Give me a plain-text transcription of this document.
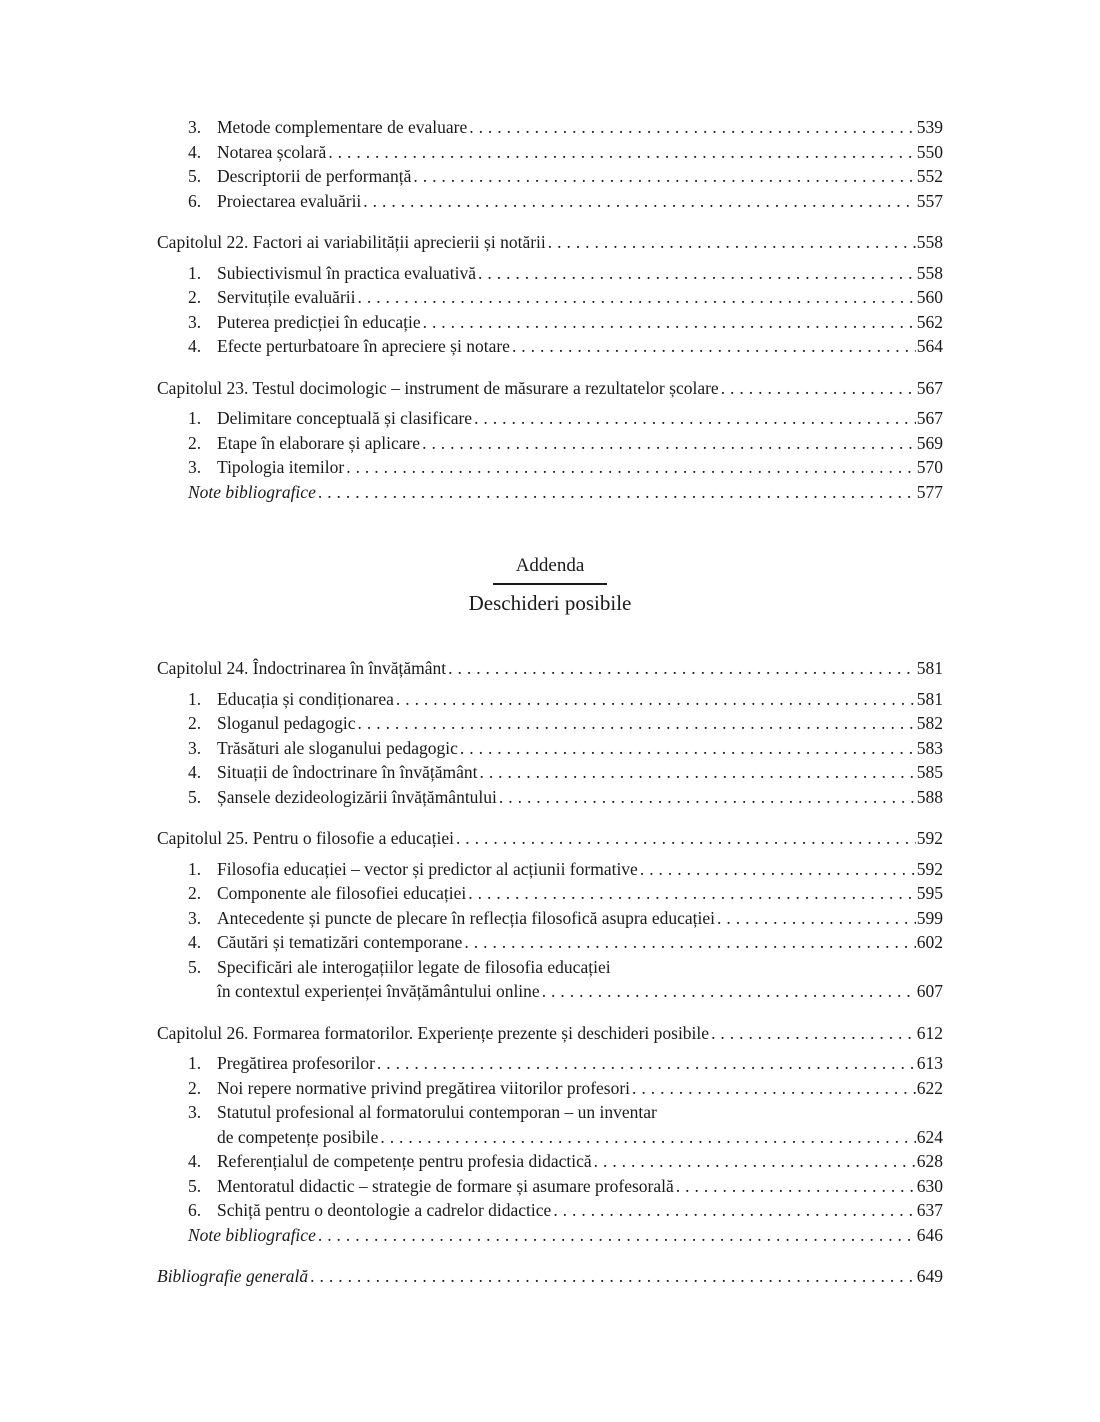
3. Metode complementare de evaluare . . .	539
4. Notarea școlară . . .	550
5. Descriptorii de performanță . . .	552
6. Proiectarea evaluării . . .	557
Capitolul 22. Factori ai variabilității aprecierii și notării . . .	558
1. Subiectivismul în practica evaluativă . . .	558
2. Servituțile evaluării . . .	560
3. Puterea predicției în educație . . .	562
4. Efecte perturbatoare în apreciere și notare . . .	564
Capitolul 23. Testul docimologic – instrument de măsurare a rezultatelor școlare . . .	567
1. Delimitare conceptuală și clasificare . . .	567
2. Etape în elaborare și aplicare . . .	569
3. Tipologia itemilor . . .	570
Note bibliografice . . .	577
Addenda
Deschideri posibile
Capitolul 24. Îndoctrinarea în învățământ . . .	581
1. Educația și condiționarea . . .	581
2. Sloganul pedagogic . . .	582
3. Trăsături ale sloganului pedagogic . . .	583
4. Situații de îndoctrinare în învățământ . . .	585
5. Șansele dezideologizării învățământului . . .	588
Capitolul 25. Pentru o filosofie a educației . . .	592
1. Filosofia educației – vector și predictor al acțiunii formative . . .	592
2. Componente ale filosofiei educației . . .	595
3. Antecedente și puncte de plecare în reflecția filosofică asupra educației . . .	599
4. Căutări și tematizări contemporane . . .	602
5. Specificări ale interogațiilor legate de filosofia educației
în contextul experienței învățământului online . . .	607
Capitolul 26. Formarea formatorilor. Experiențe prezente și deschideri posibile . . .	612
1. Pregătirea profesorilor . . .	613
2. Noi repere normative privind pregătirea viitorilor profesori . . .	622
3. Statutul profesional al formatorului contemporan – un inventar
de competențe posibile . . .	624
4. Referențialul de competențe pentru profesia didactică . . .	628
5. Mentoratul didactic – strategie de formare și asumare profesorală . . .	630
6. Schiță pentru o deontologie a cadrelor didactice . . .	637
Note bibliografice . . .	646
Bibliografie generală . . .	649
